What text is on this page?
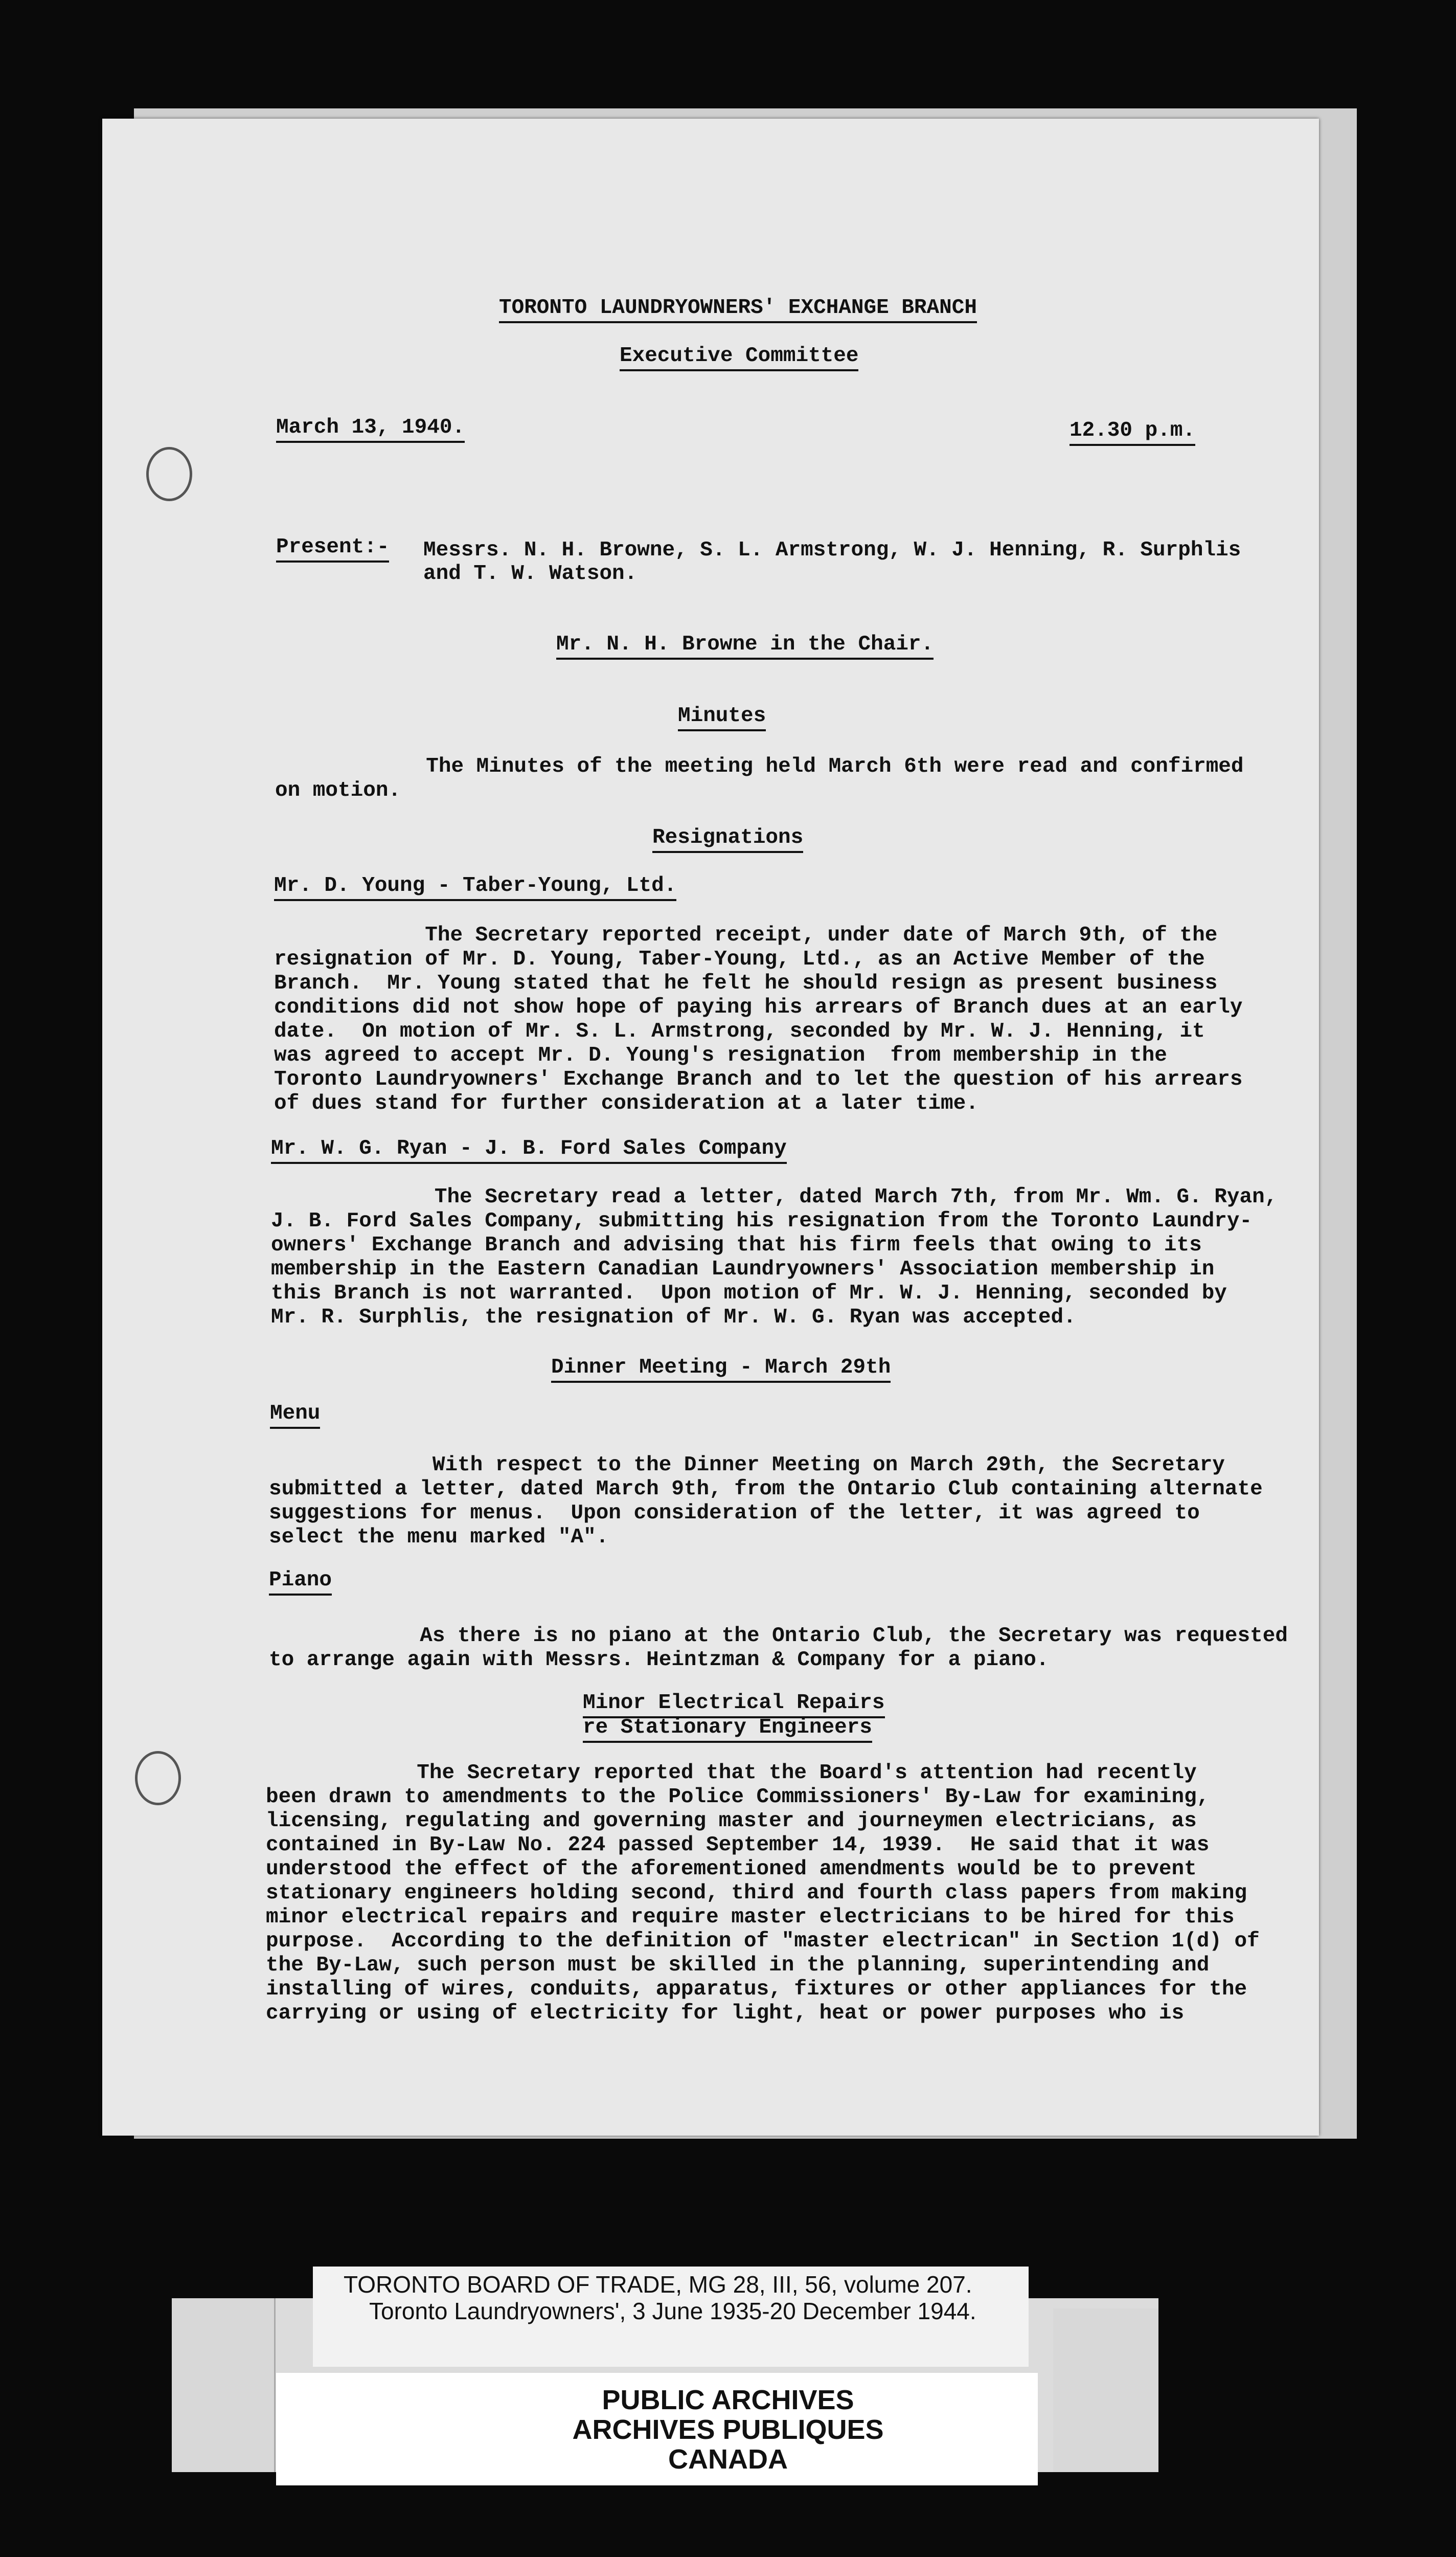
TORONTO LAUNDRYOWNERS' EXCHANGE BRANCH
Executive Committee
March 13, 1940.	12.30 p.m.
Present:- Messrs. N. H. Browne, S. L. Armstrong, W. J. Henning, R. Surphlis
and T. W. Watson.
Mr. N. H. Browne in the Chair.
Minutes
The Minutes of the meeting held March 6th were read and confirmed
on motion.
Resignations
Mr. D. Young - Taber-Young, Ltd.
The Secretary reported receipt, under date of March 9th, of the
resignation of Mr. D. Young, Taber-Young, Ltd., as an Active Member of the
Branch.  Mr. Young stated that he felt he should resign as present business
conditions did not show hope of paying his arrears of Branch dues at an early
date.  On motion of Mr. S. L. Armstrong, seconded by Mr. W. J. Henning, it
was agreed to accept Mr. D. Young's resignation  from membership in the
Toronto Laundryowners' Exchange Branch and to let the question of his arrears
of dues stand for further consideration at a later time.
Mr. W. G. Ryan - J. B. Ford Sales Company
The Secretary read a letter, dated March 7th, from Mr. Wm. G. Ryan,
J. B. Ford Sales Company, submitting his resignation from the Toronto Laundry-
owners' Exchange Branch and advising that his firm feels that owing to its
membership in the Eastern Canadian Laundryowners' Association membership in
this Branch is not warranted.  Upon motion of Mr. W. J. Henning, seconded by
Mr. R. Surphlis, the resignation of Mr. W. G. Ryan was accepted.
Dinner Meeting - March 29th
Menu
With respect to the Dinner Meeting on March 29th, the Secretary
submitted a letter, dated March 9th, from the Ontario Club containing alternate
suggestions for menus.  Upon consideration of the letter, it was agreed to
select the menu marked "A".
Piano
As there is no piano at the Ontario Club, the Secretary was requested
to arrange again with Messrs. Heintzman & Company for a piano.
Minor Electrical Repairs
re Stationary Engineers
The Secretary reported that the Board's attention had recently
been drawn to amendments to the Police Commissioners' By-Law for examining,
licensing, regulating and governing master and journeymen electricians, as
contained in By-Law No. 224 passed September 14, 1939.  He said that it was
understood the effect of the aforementioned amendments would be to prevent
stationary engineers holding second, third and fourth class papers from making
minor electrical repairs and require master electricians to be hired for this
purpose.  According to the definition of "master electrican" in Section 1(d) of
the By-Law, such person must be skilled in the planning, superintending and
installing of wires, conduits, apparatus, fixtures or other appliances for the
carrying or using of electricity for light, heat or power purposes who is
TORONTO BOARD OF TRADE, MG 28, III, 56, volume 207.
Toronto Laundryowners', 3 June 1935-20 December 1944.
PUBLIC ARCHIVES
ARCHIVES PUBLIQUES
CANADA
